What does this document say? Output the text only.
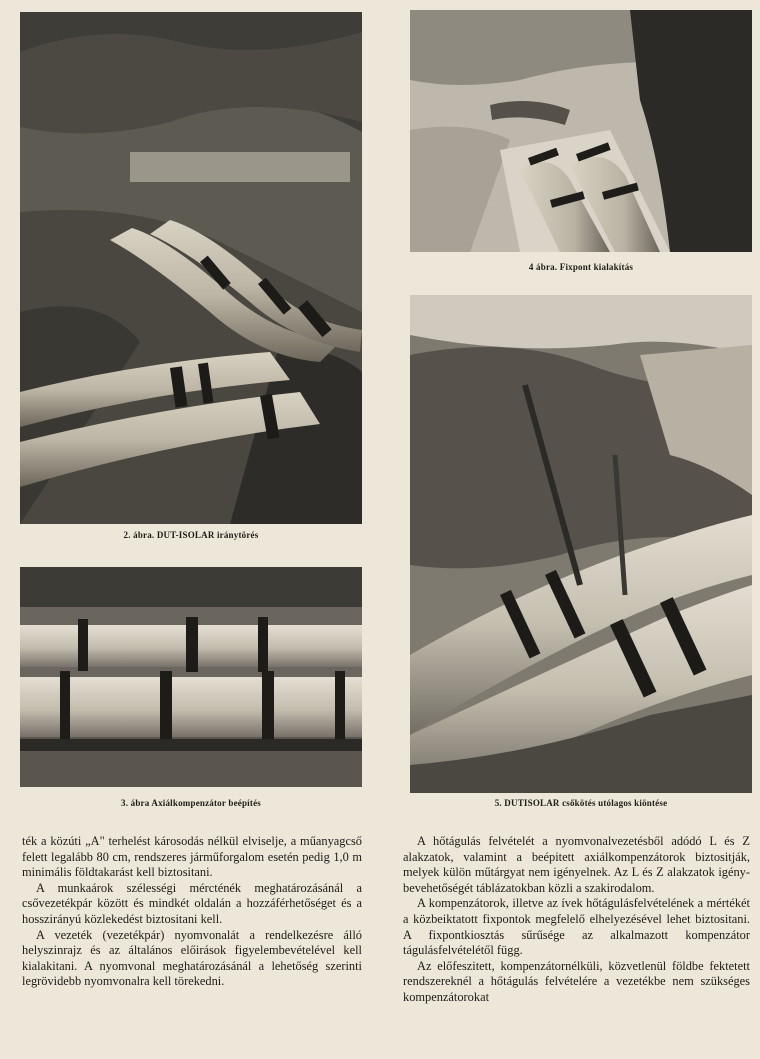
2. ábra. DUT-ISOLAR iránytörés
3. ábra Axiálkompenzátor beépítés
4 ábra. Fixpont kialakítás
5. DUTISOLAR csőkötés utólagos kiöntése

ték a közúti „A" terhelést károsodás nélkül elviselje, a műanyagcső felett legalább 80 cm, rendszeres járműforgalom esetén pedig 1,0 m minimális földtakarást kell biztositani.

A munkaárok szélességi mércténék meghatározásánál a csővezetékpár között és mindkét oldalán a hozzáférhetőséget és a hosszirányú közlekedést biztositani kell.

A vezeték (vezetékpár) nyomvonalát a rendelkezésre álló helyszinrajz és az általános előirások figyelembevételével kell kialakitani. A nyomvonal meghatározásánál a lehetőség szerinti legrövidebb nyomvonalra kell törekedni.

A hőtágulás felvételét a nyomvonalvezetésből adódó L és Z alakzatok, valamint a beépitett axiálkompenzátorok biztositják, melyek külön műtárgyat nem igényelnek. Az L és Z alakzatok igénybevehetőségét táblázatokban közli a szakirodalom.

A kompenzátorok, illetve az ívek hőtágulásfelvételének a mértékét a közbeiktatott fixpontok megfelelő elhelyezésével lehet biztositani. A fixpontkiosztás sűrűsége az alkalmazott kompenzátor tágulásfelvételétől függ.

Az előfeszitett, kompenzátornélküli, közvetlenül földbe fektetett rendszereknél a hőtágulás felvételére a vezetékbe nem szükséges kompenzátorokat
